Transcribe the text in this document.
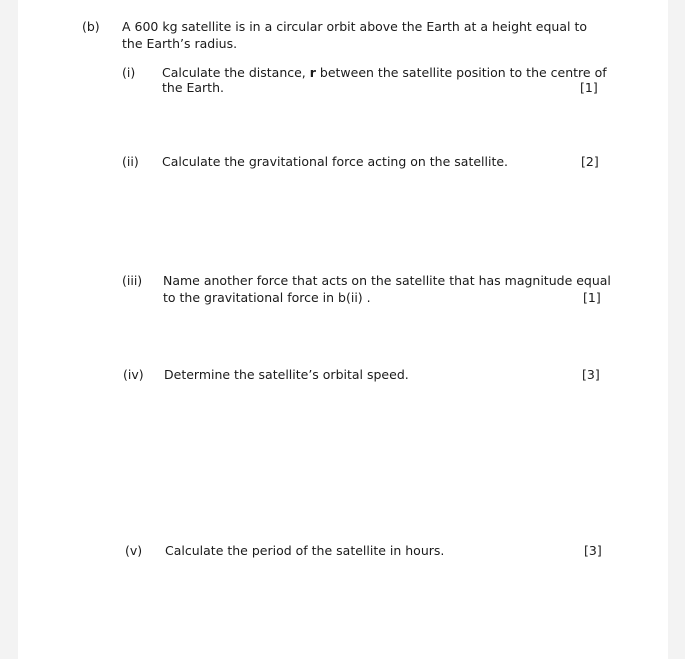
(b) A 600 kg satellite is in a circular orbit above the Earth at a height equal to
the Earth’s radius.
(i) Calculate the distance, r between the satellite position to the centre of
the Earth.	[1]
(ii) Calculate the gravitational force acting on the satellite.	[2]
(iii) Name another force that acts on the satellite that has magnitude equal
to the gravitational force in b(ii) .	[1]
(iv) Determine the satellite’s orbital speed.	[3]
(v) Calculate the period of the satellite in hours.	[3]
